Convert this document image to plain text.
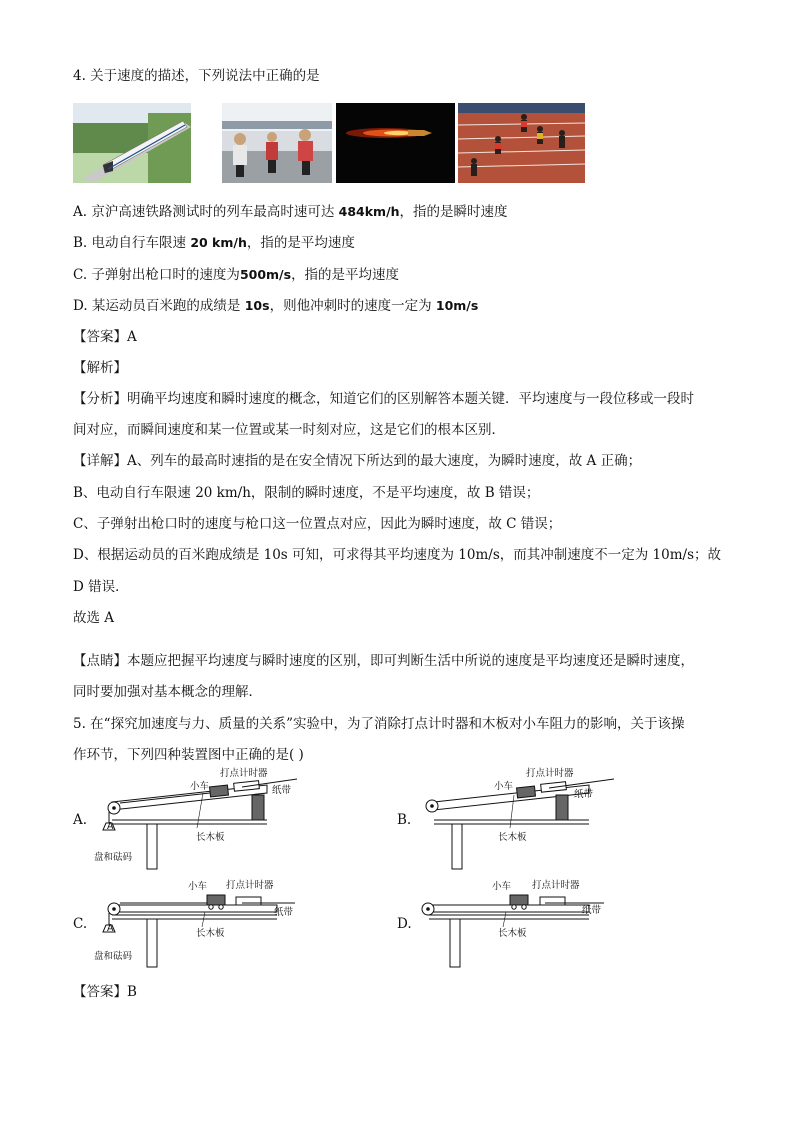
4. 关于速度的描述，下列说法中正确的是
A. 京沪高速铁路测试时的列车最高时速可达 484km/h，指的是瞬时速度
B. 电动自行车限速 20 km/h，指的是平均速度
C. 子弹射出枪口时的速度为500m/s，指的是平均速度
D. 某运动员百米跑的成绩是 10s，则他冲刺时的速度一定为 10m/s
【答案】A
【解析】
【分析】明确平均速度和瞬时速度的概念，知道它们的区别解答本题关键．平均速度与一段位移或一段时
间对应，而瞬间速度和某一位置或某一时刻对应，这是它们的根本区别．
【详解】A、列车的最高时速指的是在安全情况下所达到的最大速度，为瞬时速度，故 A 正确；
B、电动自行车限速 20 km/h，限制的瞬时速度，不是平均速度，故 B 错误；
C、子弹射出枪口时的速度与枪口这一位置点对应，因此为瞬时速度，故 C 错误；
D、根据运动员的百米跑成绩是 10s 可知，可求得其平均速度为 10m/s，而其冲制速度不一定为 10m/s；故
D 错误．
故选 A
【点睛】本题应把握平均速度与瞬时速度的区别，即可判断生活中所说的速度是平均速度还是瞬时速度，
同时要加强对基本概念的理解．
5. 在“探究加速度与力、质量的关系”实验中，为了消除打点计时器和木板对小车阻力的影响，关于该操
作环节，下列四种装置图中正确的是( )
A.	B.
C.	D.
A
小车
打点计时器
纸带
长木板
盘和砝码
小车
打点计时器
纸带
长木板
A
小车 打点计时器
纸带
长木板
盘和砝码
小车 打点计时器
纸带
长木板
【答案】B
